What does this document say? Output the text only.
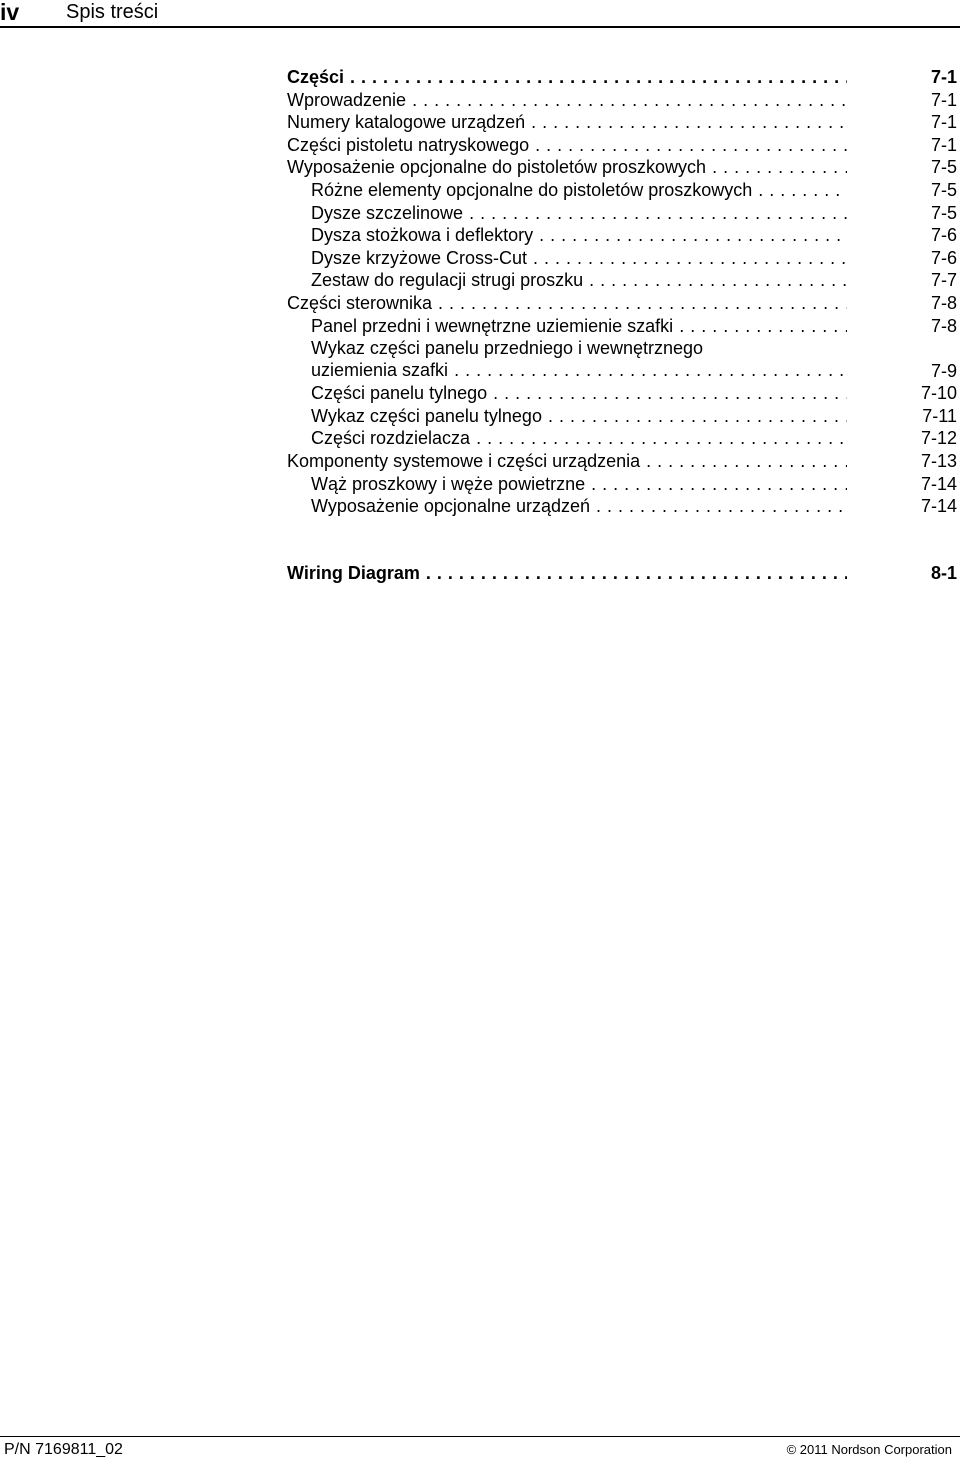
iv Spis treści
Części . . .	7-1
Wprowadzenie . . .	7-1
Numery katalogowe urządzeń . . .	7-1
Części pistoletu natryskowego . . .	7-1
Wyposażenie opcjonalne do pistoletów proszkowych . . .	7-5
Różne elementy opcjonalne do pistoletów proszkowych . . .	7-5
Dysze szczelinowe . . .	7-5
Dysza stożkowa i deflektory . . .	7-6
Dysze krzyżowe Cross-Cut . . .	7-6
Zestaw do regulacji strugi proszku . . .	7-7
Części sterownika . . .	7-8
Panel przedni i wewnętrzne uziemienie szafki . . .	7-8
Wykaz części panelu przedniego i wewnętrznego
uziemienia szafki . . .	7-9
Części panelu tylnego . . .	7-10
Wykaz części panelu tylnego . . .	7-11
Części rozdzielacza . . .	7-12
Komponenty systemowe i części urządzenia . . .	7-13
Wąż proszkowy i węże powietrzne . . .	7-14
Wyposażenie opcjonalne urządzeń . . .	7-14
Wiring Diagram . . .	8-1
P/N 7169811_02	© 2011 Nordson Corporation
